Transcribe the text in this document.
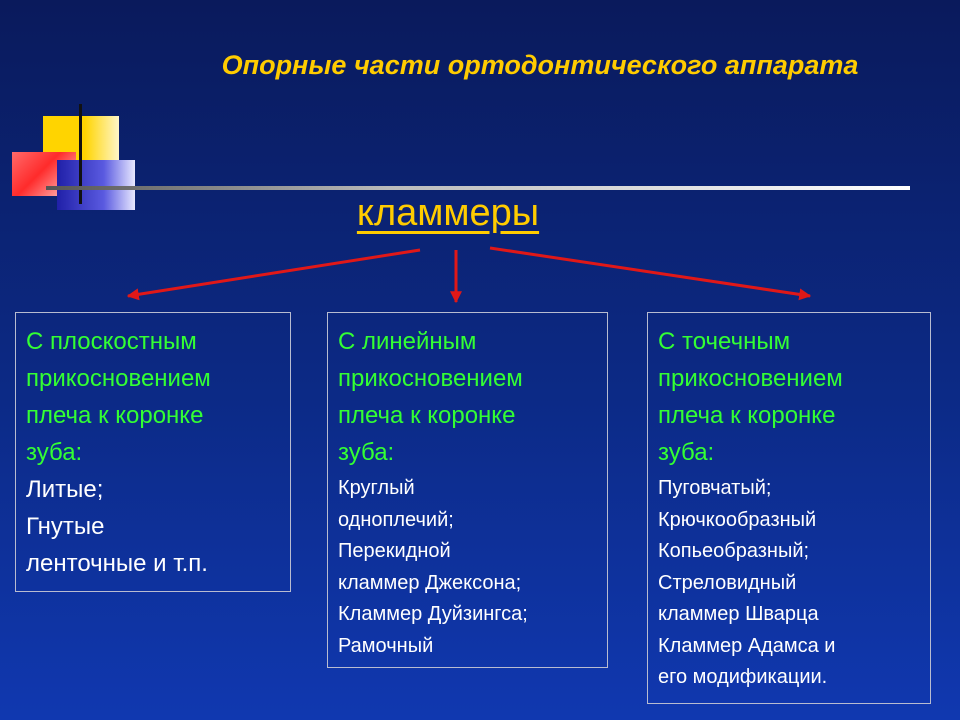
Опорные части ортодонтического аппарата
кламмеры
С плоскостным
прикосновением
плеча к коронке
зуба:
Литые;
Гнутые
ленточные и т.п.
С линейным
прикосновением
плеча к коронке
зуба:
Круглый
одноплечий;
Перекидной
кламмер Джексона;
Кламмер Дуйзингса;
Рамочный
С точечным
прикосновением
плеча к коронке
зуба:
Пуговчатый;
Крючкообразный
Копьеобразный;
Стреловидный
кламмер Шварца
Кламмер Адамса и
его модификации.
